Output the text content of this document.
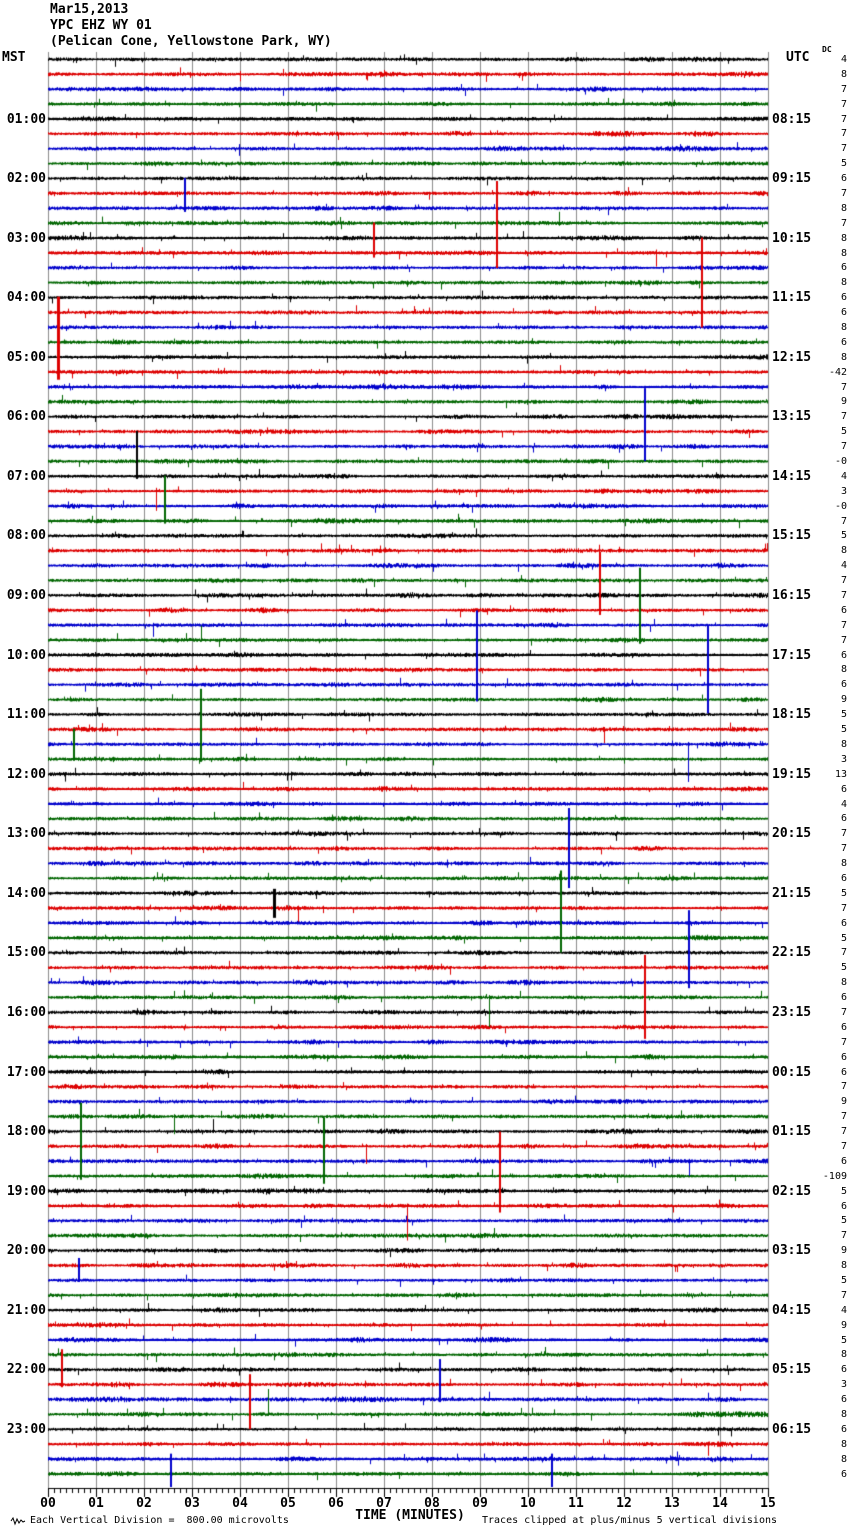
Mar15,2013
YPC EHZ WY 01
(Pelican Cone, Yellowstone Park, WY)
MST	UTC
DC
01:00	08:15
02:00	09:15
03:00	10:15
04:00	11:15
05:00	12:15
06:00	13:15
07:00	14:15
08:00	15:15
09:00	16:15
10:00	17:15
11:00	18:15
12:00	19:15
13:00	20:15
14:00	21:15
15:00	22:15
16:00	23:15
17:00	00:15
18:00	01:15
19:00	02:15
20:00	03:15
21:00	04:15
22:00	05:15
23:00	06:15
4
8
7
7
7
7
7
5
6
7
8
7
8
8
6
8
6
6
8
6
8
-42
7
9
7
5
7
-0
4
3
-0
7
5
8
4
7
7
6
7
7
6
8
6
9
5
5
8
3
13
6
4
6
7
7
8
6
5
7
6
5
7
5
8
6
7
6
7
6
6
7
9
7
7
7
6
-109
5
6
5
7
9
8
5
7
4
9
5
8
6
3
6
8
6
8
8
6
00	01	02	03	04	05	06	07	08	09	10	11	12	13	14	15
Each Vertical Division =  800.00 microvolts	TIME (MINUTES)	Traces clipped at plus/minus 5 vertical divisions
